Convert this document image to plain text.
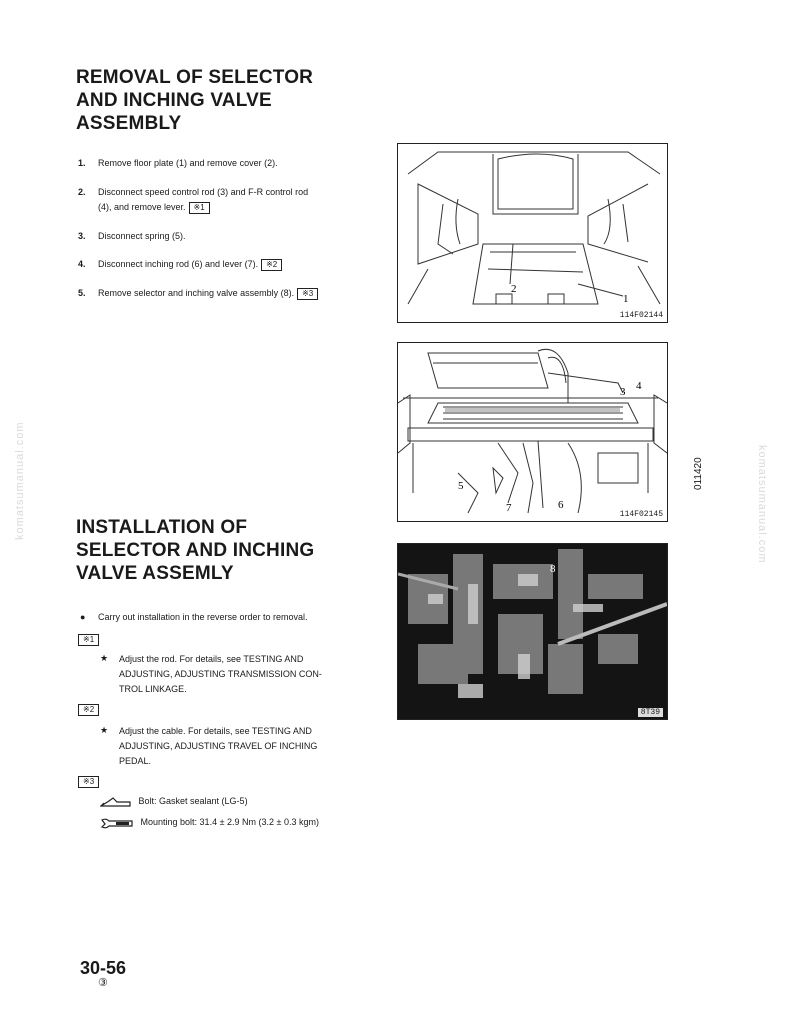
REMOVAL OF SELECTOR
AND INCHING VALVE
ASSEMBLY
1. Remove floor plate (1) and remove cover (2).
2. Disconnect speed control rod (3) and F-R control rod
(4), and remove lever. ※1
3. Disconnect spring (5).
4. Disconnect inching rod (6) and lever (7). ※2
5. Remove selector and inching valve assembly (8). ※3
INSTALLATION OF
SELECTOR AND INCHING
VALVE ASSEMLY
● Carry out installation in the reverse order to removal.
※1
★ Adjust the rod. For details, see TESTING AND
ADJUSTING, ADJUSTING TRANSMISSION CON-
TROL LINKAGE.
※2
★ Adjust the cable. For details, see TESTING AND
ADJUSTING, ADJUSTING TRAVEL OF INCHING
PEDAL.
※3
Bolt: Gasket sealant (LG-5)
Mounting bolt: 31.4 ± 2.9 Nm (3.2 ± 0.3 kgm)
2
1
114F02144
3 4
5
7	6
114F02145
8
8T39
011420
komatsumanual.com	komatsumanual.com
30-56
③
